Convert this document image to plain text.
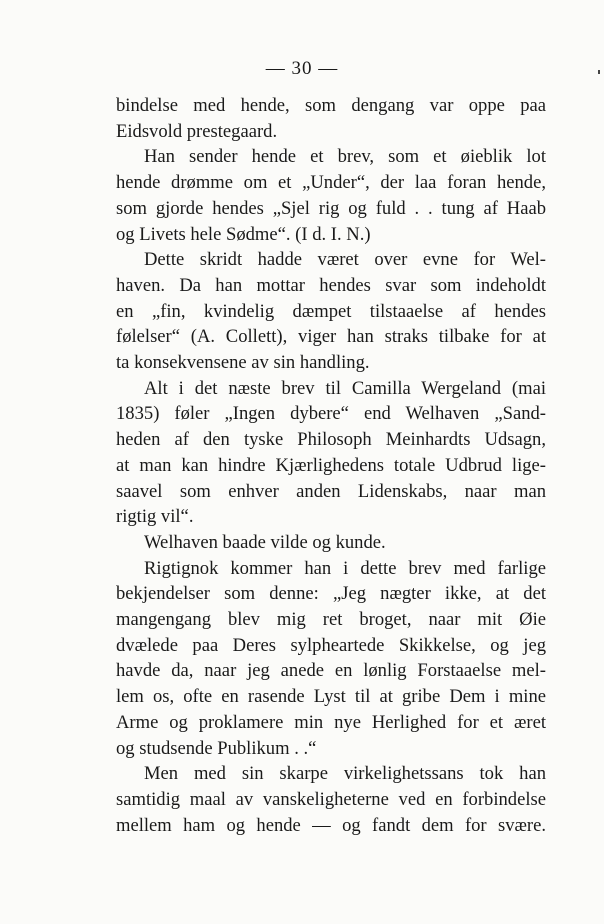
— 30 —
bindelse med hende, som dengang var oppe paa
Eidsvold prestegaard.
Han sender hende et brev, som et øieblik lot
hende drømme om et „Under“, der laa foran hende,
som gjorde hendes „Sjel rig og fuld . . tung af Haab
og Livets hele Sødme“. (I d. I. N.)
Dette skridt hadde været over evne for Wel-
haven. Da han mottar hendes svar som indeholdt
en „fin, kvindelig dæmpet tilstaaelse af hendes
følelser“ (A. Collett), viger han straks tilbake for at
ta konsekvensene av sin handling.
Alt i det næste brev til Camilla Wergeland (mai
1835) føler „Ingen dybere“ end Welhaven „Sand-
heden af den tyske Philosoph Meinhardts Udsagn,
at man kan hindre Kjærlighedens totale Udbrud lige-
saavel som enhver anden Lidenskabs, naar man
rigtig vil“.
Welhaven baade vilde og kunde.
Rigtignok kommer han i dette brev med farlige
bekjendelser som denne: „Jeg nægter ikke, at det
mangengang blev mig ret broget, naar mit Øie
dvælede paa Deres sylpheartede Skikkelse, og jeg
havde da, naar jeg anede en lønlig Forstaaelse mel-
lem os, ofte en rasende Lyst til at gribe Dem i mine
Arme og proklamere min nye Herlighed for et æret
og studsende Publikum . .“
Men med sin skarpe virkelighetssans tok han
samtidig maal av vanskeligheterne ved en forbindelse
mellem ham og hende — og fandt dem for svære.
